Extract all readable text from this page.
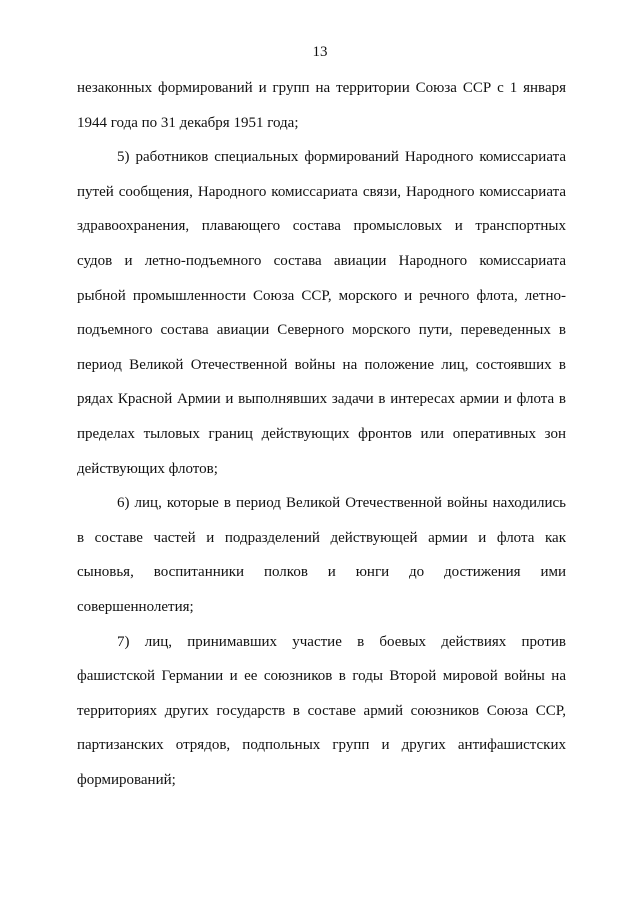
13
незаконных формирований и групп на территории Союза ССР с 1 января
1944 года по 31 декабря 1951 года;
5) работников специальных формирований Народного комиссариата
путей сообщения, Народного комиссариата связи, Народного комиссариата
здравоохранения, плавающего состава промысловых и транспортных
судов и летно-подъемного состава авиации Народного комиссариата
рыбной промышленности Союза ССР, морского и речного флота, летно-
подъемного состава авиации Северного морского пути, переведенных в
период Великой Отечественной войны на положение лиц, состоявших в
рядах Красной Армии и выполнявших задачи в интересах армии и флота в
пределах тыловых границ действующих фронтов или оперативных зон
действующих флотов;
6) лиц, которые в период Великой Отечественной войны находились
в составе частей и подразделений действующей армии и флота как
сыновья, воспитанники полков и юнги до достижения ими
совершеннолетия;
7) лиц, принимавших участие в боевых действиях против
фашистской Германии и ее союзников в годы Второй мировой войны на
территориях других государств в составе армий союзников Союза ССР,
партизанских отрядов, подпольных групп и других антифашистских
формирований;
